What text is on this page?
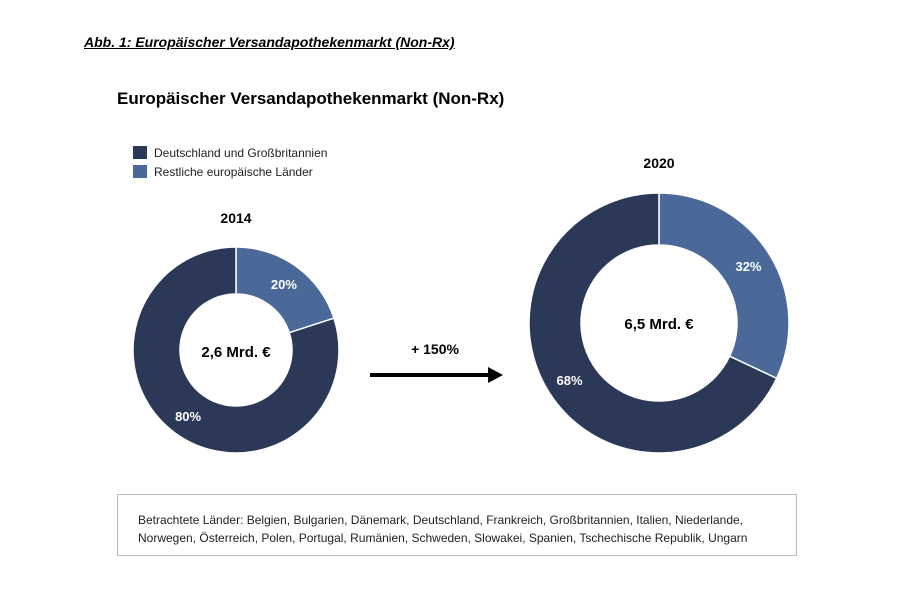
Abb. 1: Europäischer Versandapothekenmarkt (Non-Rx)
Europäischer Versandapothekenmarkt (Non-Rx)
Deutschland und Großbritannien
Restliche europäische Länder
2014
20%
80%
2,6 Mrd. €
2020
32%
68%
6,5 Mrd. €
+ 150%
Betrachtete Länder: Belgien, Bulgarien, Dänemark, Deutschland, Frankreich, Großbritannien, Italien, Niederlande,
Norwegen, Österreich, Polen, Portugal, Rumänien, Schweden, Slowakei, Spanien, Tschechische Republik, Ungarn
